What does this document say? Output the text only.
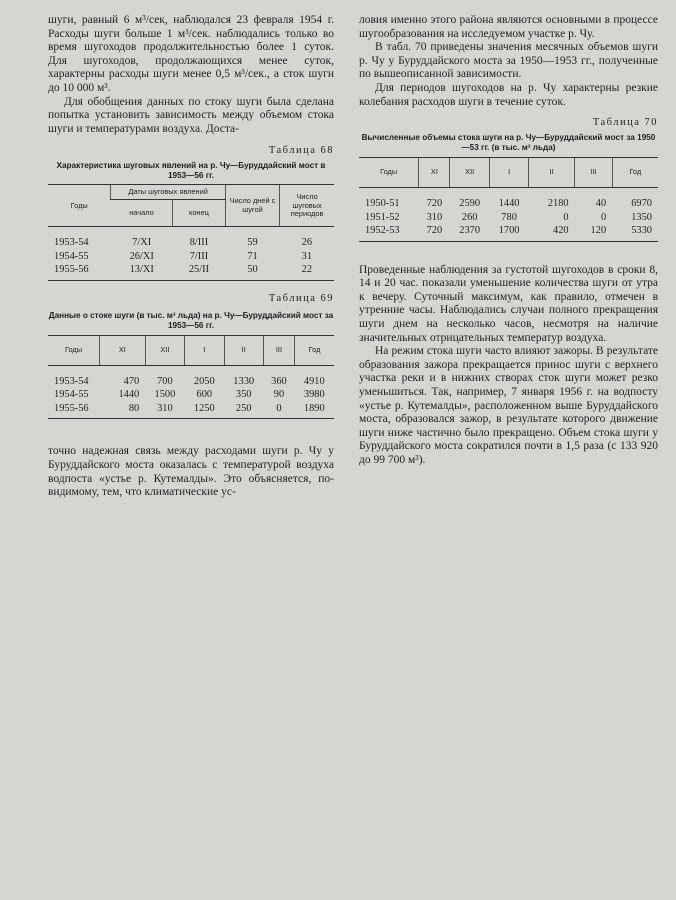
шуги, равный 6 м³/сек, наблюдался 23 февраля 1954 г. Расходы шуги больше 1 м³/сек. наблюдались только во время шугоходов продолжительностью более 1 суток. Для шугоходов, продолжающихся менее суток, характерны расходы шуги менее 0,5 м³/сек., а сток шуги до 10 000 м³.

Для обобщения данных по стоку шуги была сделана попытка установить зависимость между объемом стока шуги и температурами воздуха. Доста-

Таблица 68

Характеристика шуговых явлений на р. Чу—Буруддайский мост в 1953—56 гг.

Годы	Даты шуговых явлений		Число дней с шугой	Число шуговых периодов
	начало	конец		
1953-54	7/XI	8/III	59	26
1954-55	26/XI	7/III	71	31
1955-56	13/XI	25/II	50	22

Таблица 69

Данные о стоке шуги (в тыс. м³ льда) на р. Чу—Буруддайский мост за 1953—56 гг.

Годы	XI	XII	I	II	III	Год
1953-54	470	700	2050	1330	360	4910
1954-55	1440	1500	600	350	90	3980
1955-56	80	310	1250	250	0	1890

точно надежная связь между расходами шуги р. Чу у Буруддайского моста оказалась с температурой воздуха водпоста «устье р. Кутемалды». Это объясняется, по-видимому, тем, что климатические ус-

ловия именно этого района являются основными в процессе шугообразования на исследуемом участке р. Чу.

В табл. 70 приведены значения месячных объемов шуги р. Чу у Буруддайского моста за 1950—1953 гг., полученные по вышеописанной зависимости.

Для периодов шугоходов на р. Чу характерны резкие колебания расходов шуги в течение суток.

Таблица 70

Вычисленные объемы стока шуги на р. Чу—Буруддайский мост за 1950—53 гг. (в тыс. м³ льда)

Годы	XI	XII	I	II	III	Год
1950-51	720	2590	1440	2180	40	6970
1951-52	310	260	780	0	0	1350
1952-53	720	2370	1700	420	120	5330

Проведенные наблюдения за густотой шугоходов в сроки 8, 14 и 20 час. показали уменьшение количества шуги от утра к вечеру. Суточный максимум, как правило, отмечен в утренние часы. Наблюдались случаи полного прекращения шуги днем на несколько часов, несмотря на наличие значительных отрицательных температур воздуха.

На режим стока шуги часто влияют зажоры. В результате образования зажора прекращается принос шуги с верхнего участка реки и в нижних створах сток шуги может резко уменьшиться. Так, например, 7 января 1956 г. на водпосту «устье р. Кутемалды», расположенном выше Буруддайского моста, образовался зажор, в результате которого движение шуги ниже частично было прекращено. Объем стока шуги у Буруддайского моста сократился почти в 1,5 раза (с 133 920 до 99 700 м³).
